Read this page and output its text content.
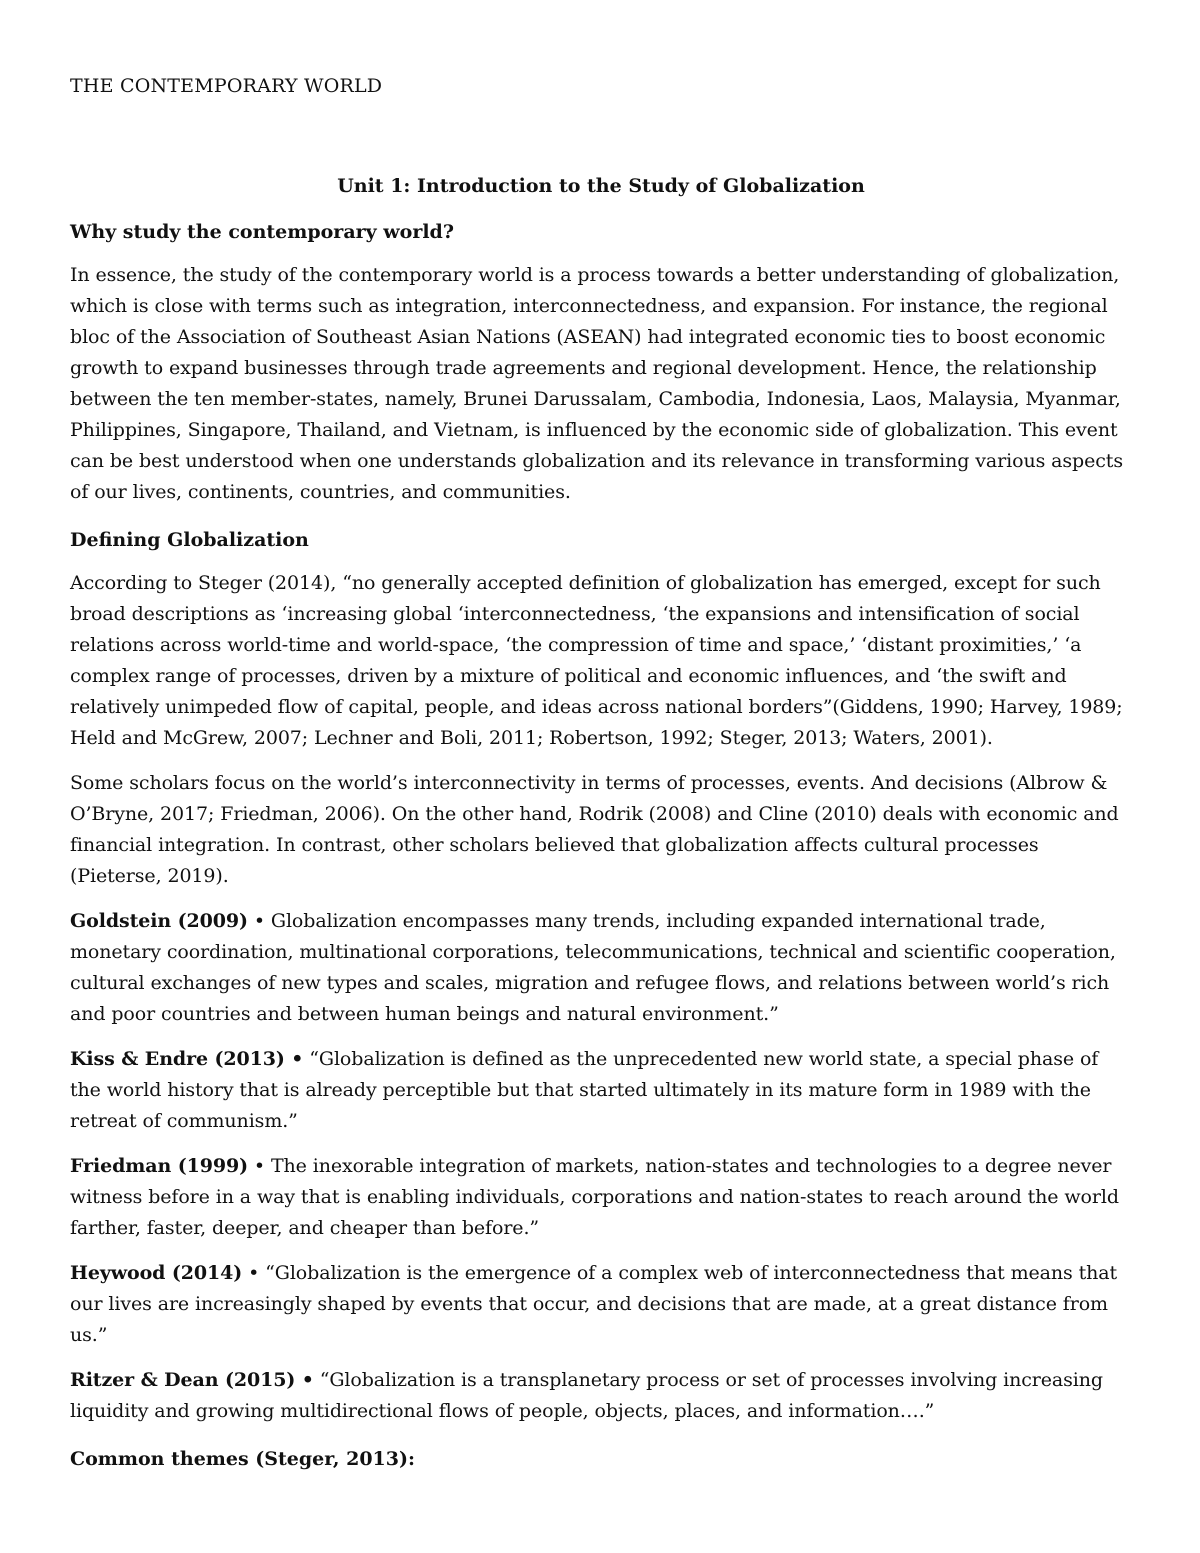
THE CONTEMPORARY WORLD
Unit 1: Introduction to the Study of Globalization
Why study the contemporary world?

In essence, the study of the contemporary world is a process towards a better understanding of globalization, which is close with terms such as integration, interconnectedness, and expansion. For instance, the regional bloc of the Association of Southeast Asian Nations (ASEAN) had integrated economic ties to boost economic growth to expand businesses through trade agreements and regional development. Hence, the relationship between the ten member-states, namely, Brunei Darussalam, Cambodia, Indonesia, Laos, Malaysia, Myanmar, Philippines, Singapore, Thailand, and Vietnam, is influenced by the economic side of globalization. This event can be best understood when one understands globalization and its relevance in transforming various aspects of our lives, continents, countries, and communities.

Defining Globalization

According to Steger (2014), “no generally accepted definition of globalization has emerged, except for such broad descriptions as ‘increasing global ‘interconnectedness, ‘the expansions and intensification of social relations across world-time and world-space, ‘the compression of time and space,’ ‘distant proximities,’ ‘a complex range of processes, driven by a mixture of political and economic influences, and ‘the swift and relatively unimpeded flow of capital, people, and ideas across national borders”(Giddens, 1990; Harvey, 1989; Held and McGrew, 2007; Lechner and Boli, 2011; Robertson, 1992; Steger, 2013; Waters, 2001).

Some scholars focus on the world’s interconnectivity in terms of processes, events. And decisions (Albrow & O’Bryne, 2017; Friedman, 2006). On the other hand, Rodrik (2008) and Cline (2010) deals with economic and financial integration. In contrast, other scholars believed that globalization affects cultural processes (Pieterse, 2019).

Goldstein (2009) • Globalization encompasses many trends, including expanded international trade, monetary coordination, multinational corporations, telecommunications, technical and scientific cooperation, cultural exchanges of new types and scales, migration and refugee flows, and relations between world’s rich and poor countries and between human beings and natural environment.”

Kiss & Endre (2013) • “Globalization is defined as the unprecedented new world state, a special phase of the world history that is already perceptible but that started ultimately in its mature form in 1989 with the retreat of communism.”

Friedman (1999) • The inexorable integration of markets, nation-states and technologies to a degree never witness before in a way that is enabling individuals, corporations and nation-states to reach around the world farther, faster, deeper, and cheaper than before.”

Heywood (2014) • “Globalization is the emergence of a complex web of interconnectedness that means that our lives are increasingly shaped by events that occur, and decisions that are made, at a great distance from us.”

Ritzer & Dean (2015) • “Globalization is a transplanetary process or set of processes involving increasing liquidity and growing multidirectional flows of people, objects, places, and information….”

Common themes (Steger, 2013):
